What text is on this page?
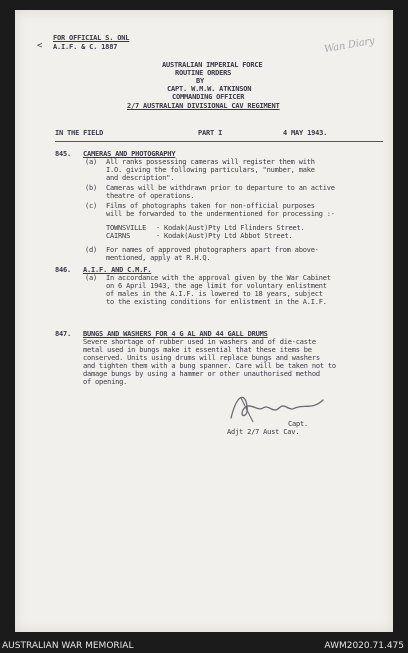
<
FOR OFFICIAL S. ONL
A.I.F. & C. 1887
AUSTRALIAN IMPERIAL FORCE
ROUTINE ORDERS
BY
CAPT. W.M.W. ATKINSON
COMMANDING OFFICER
2/7 AUSTRALIAN DIVISIONAL CAV REGIMENT
Wan Diary
IN THE FIELD	PART I	4 MAY 1943.
845. CAMERAS AND PHOTOGRAPHY
(a) All ranks possessing cameras will register them with
I.O. giving the following particulars, "number, make
and description".
(b) Cameras will be withdrawn prior to departure to an active
theatre of operations.
(c) Films of photographs taken for non-official purposes
will be forwarded to the undermentioned for processing :-
TOWNSVILLE - Kodak(Aust)Pty Ltd Flinders Street.
CAIRNS	- Kodak(Aust)Pty Ltd Abbot Street.
(d) For names of approved photographers apart from above-
mentioned, apply at R.H.Q.
846. A.I.F. AND C.M.F.
(a) In accordance with the approval given by the War Cabinet
on 6 April 1943, the age limit for voluntary enlistment
of males in the A.I.F. is lowered to 18 years, subject
to the existing conditions for enlistment in the A.I.F.
847. BUNGS AND WASHERS FOR 4 G AL AND 44 GALL DRUMS
Severe shortage of rubber used in washers and of die-caste
metal used in bungs make it essential that these items be
conserved. Units using drums will replace bungs and washers
and tighten them with a bung spanner. Care will be taken not to
damage bungs by using a hammer or other unauthorised method
of opening.
Capt.
Adjt 2/7 Aust Cav.
AUSTRALIAN WAR MEMORIAL	AWM2020.71.475
